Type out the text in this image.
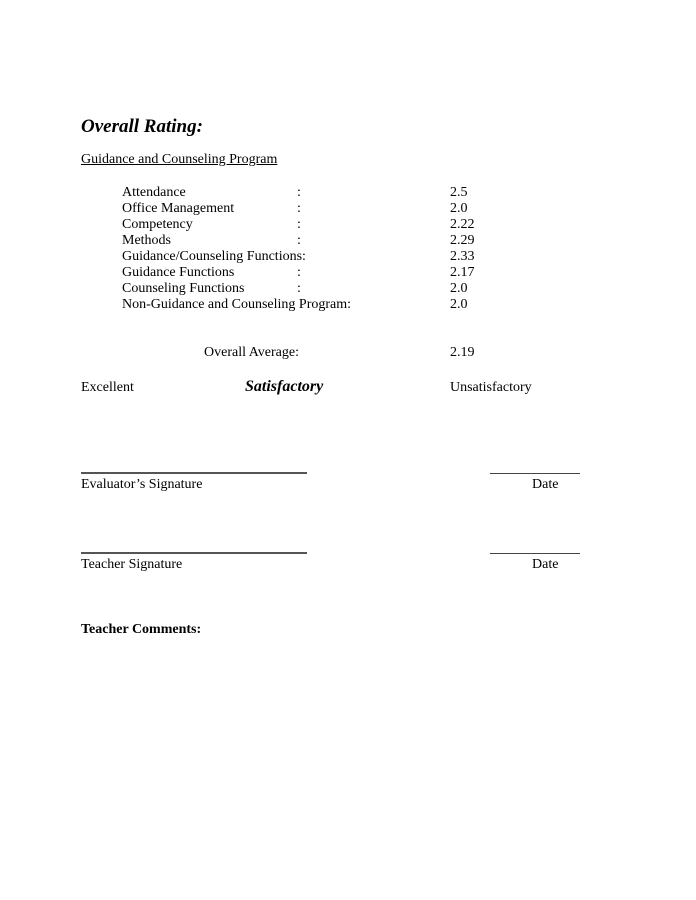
Overall Rating:
Guidance and Counseling Program
Attendance	:	2.5
Office Management	:	2.0
Competency	:	2.22
Methods	:	2.29
Guidance/Counseling Functions:	2.33
Guidance Functions	:	2.17
Counseling Functions	:	2.0
Non-Guidance and Counseling Program:	2.0
Overall Average:	2.19
Excellent	Satisfactory	Unsatisfactory
Evaluator’s Signature	Date
Teacher Signature	Date
Teacher Comments:
